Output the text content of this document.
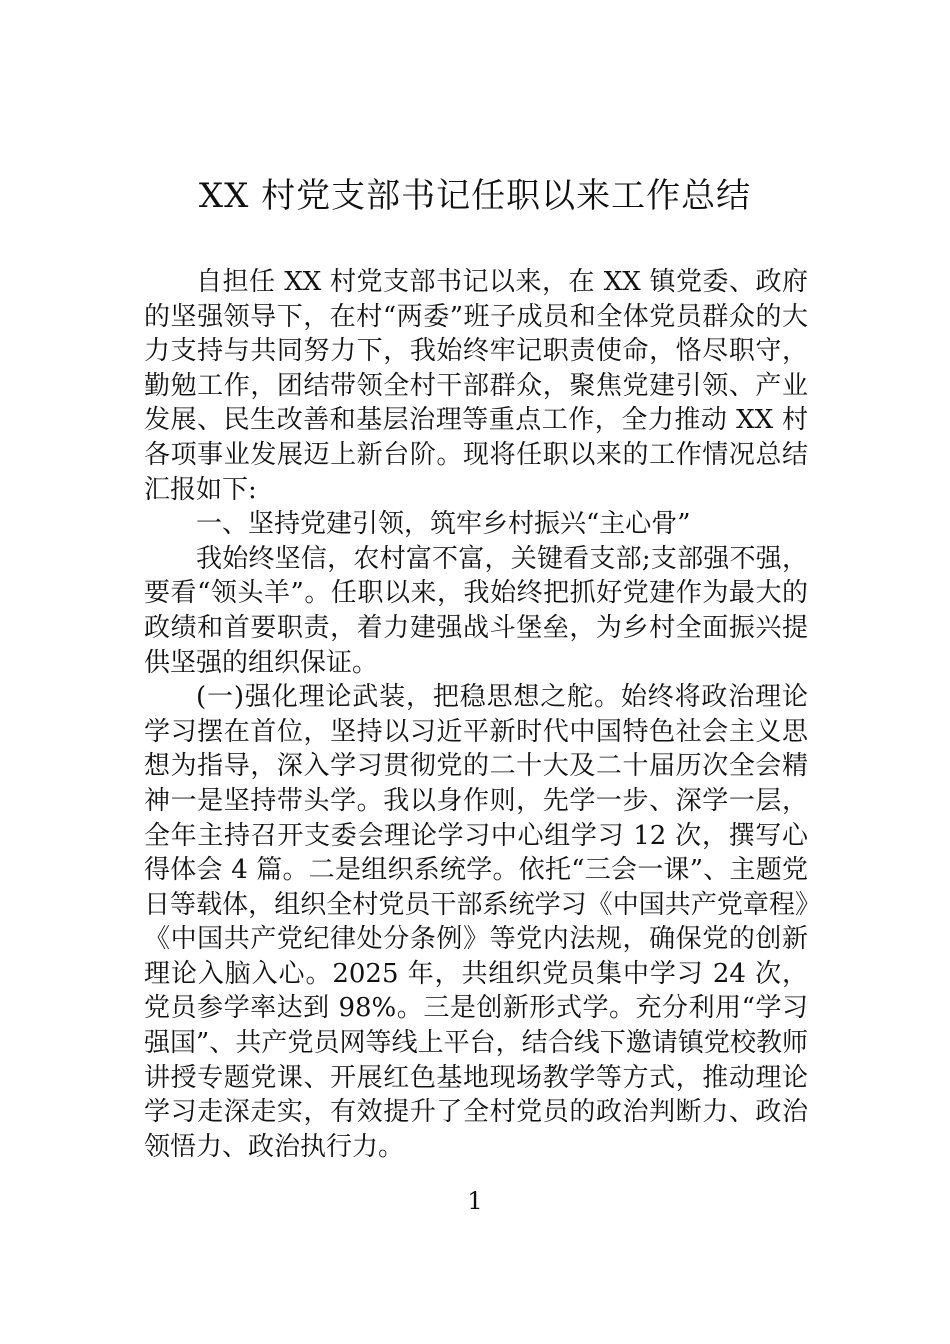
XX 村党支部书记任职以来工作总结

自担任 XX 村党支部书记以来，在 XX 镇党委、政府的坚强领导下，在村“两委”班子成员和全体党员群众的大力支持与共同努力下，我始终牢记职责使命，恪尽职守，勤勉工作，团结带领全村干部群众，聚焦党建引领、产业发展、民生改善和基层治理等重点工作，全力推动 XX 村各项事业发展迈上新台阶。现将任职以来的工作情况总结汇报如下:

一、坚持党建引领，筑牢乡村振兴“主心骨”

我始终坚信，农村富不富，关键看支部;支部强不强，要看“领头羊”。任职以来，我始终把抓好党建作为最大的政绩和首要职责，着力建强战斗堡垒，为乡村全面振兴提供坚强的组织保证。

(一)强化理论武装，把稳思想之舵。始终将政治理论学习摆在首位，坚持以习近平新时代中国特色社会主义思想为指导，深入学习贯彻党的二十大及二十届历次全会精神一是坚持带头学。我以身作则，先学一步、深学一层，全年主持召开支委会理论学习中心组学习 12 次，撰写心得体会 4 篇。二是组织系统学。依托“三会一课”、主题党日等载体，组织全村党员干部系统学习《中国共产党章程》《中国共产党纪律处分条例》等党内法规，确保党的创新理论入脑入心。2025 年，共组织党员集中学习 24 次，党员参学率达到 98%。三是创新形式学。充分利用“学习强国”、共产党员网等线上平台，结合线下邀请镇党校教师讲授专题党课、开展红色基地现场教学等方式，推动理论学习走深走实，有效提升了全村党员的政治判断力、政治领悟力、政治执行力。

1
